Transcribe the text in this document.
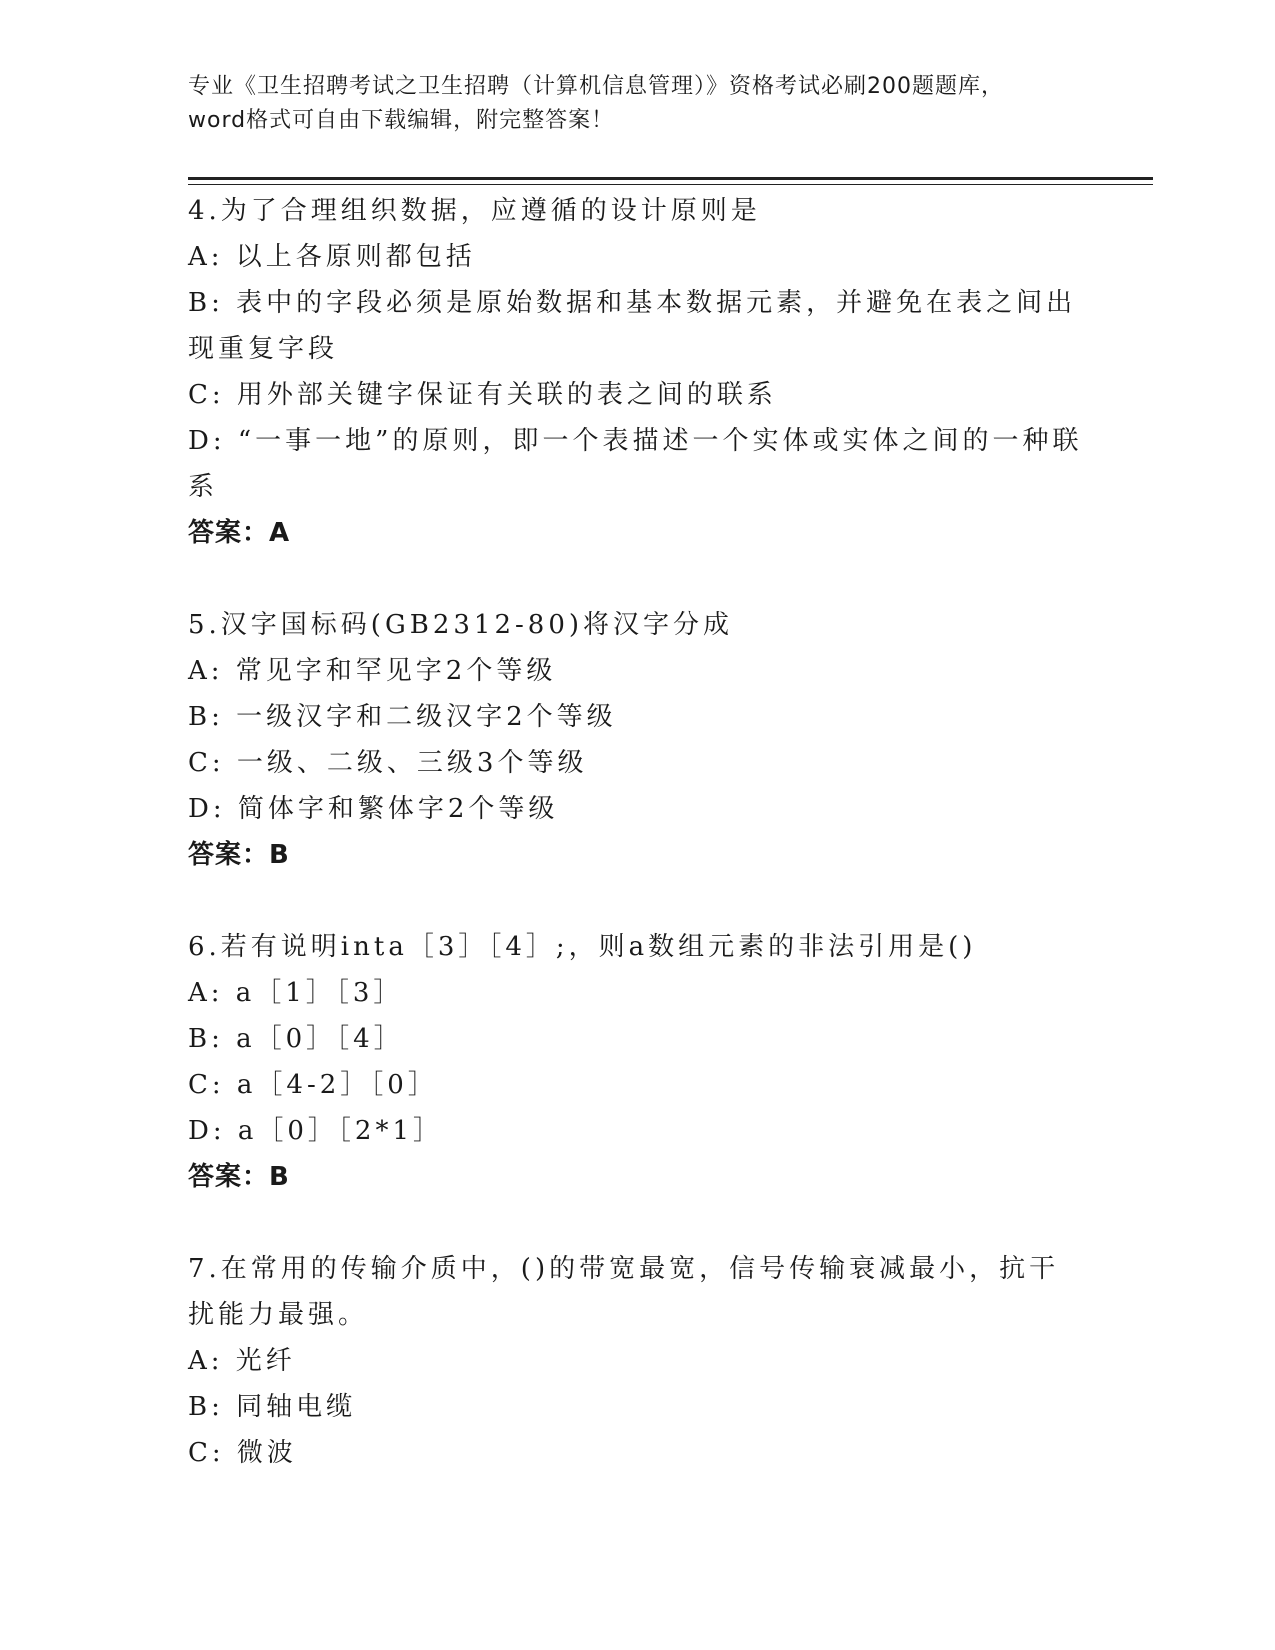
专业《卫生招聘考试之卫生招聘（计算机信息管理）》资格考试必刷200题题库，
word格式可自由下载编辑，附完整答案！
4.为了合理组织数据，应遵循的设计原则是
A: 以上各原则都包括
B: 表中的字段必须是原始数据和基本数据元素，并避免在表之间出现重复字段
C: 用外部关键字保证有关联的表之间的联系
D: “一事一地”的原则，即一个表描述一个实体或实体之间的一种联系
答案：A
5.汉字国标码(GB2312-80)将汉字分成
A: 常见字和罕见字2个等级
B: 一级汉字和二级汉字2个等级
C: 一级、二级、三级3个等级
D: 简体字和繁体字2个等级
答案：B
6.若有说明inta［3］［4］;，则a数组元素的非法引用是()
A: a［1］［3］
B: a［0］［4］
C: a［4-2］［0］
D: a［0］［2*1］
答案：B
7.在常用的传输介质中，()的带宽最宽，信号传输衰减最小，抗干扰能力最强。
A: 光纤
B: 同轴电缆
C: 微波
